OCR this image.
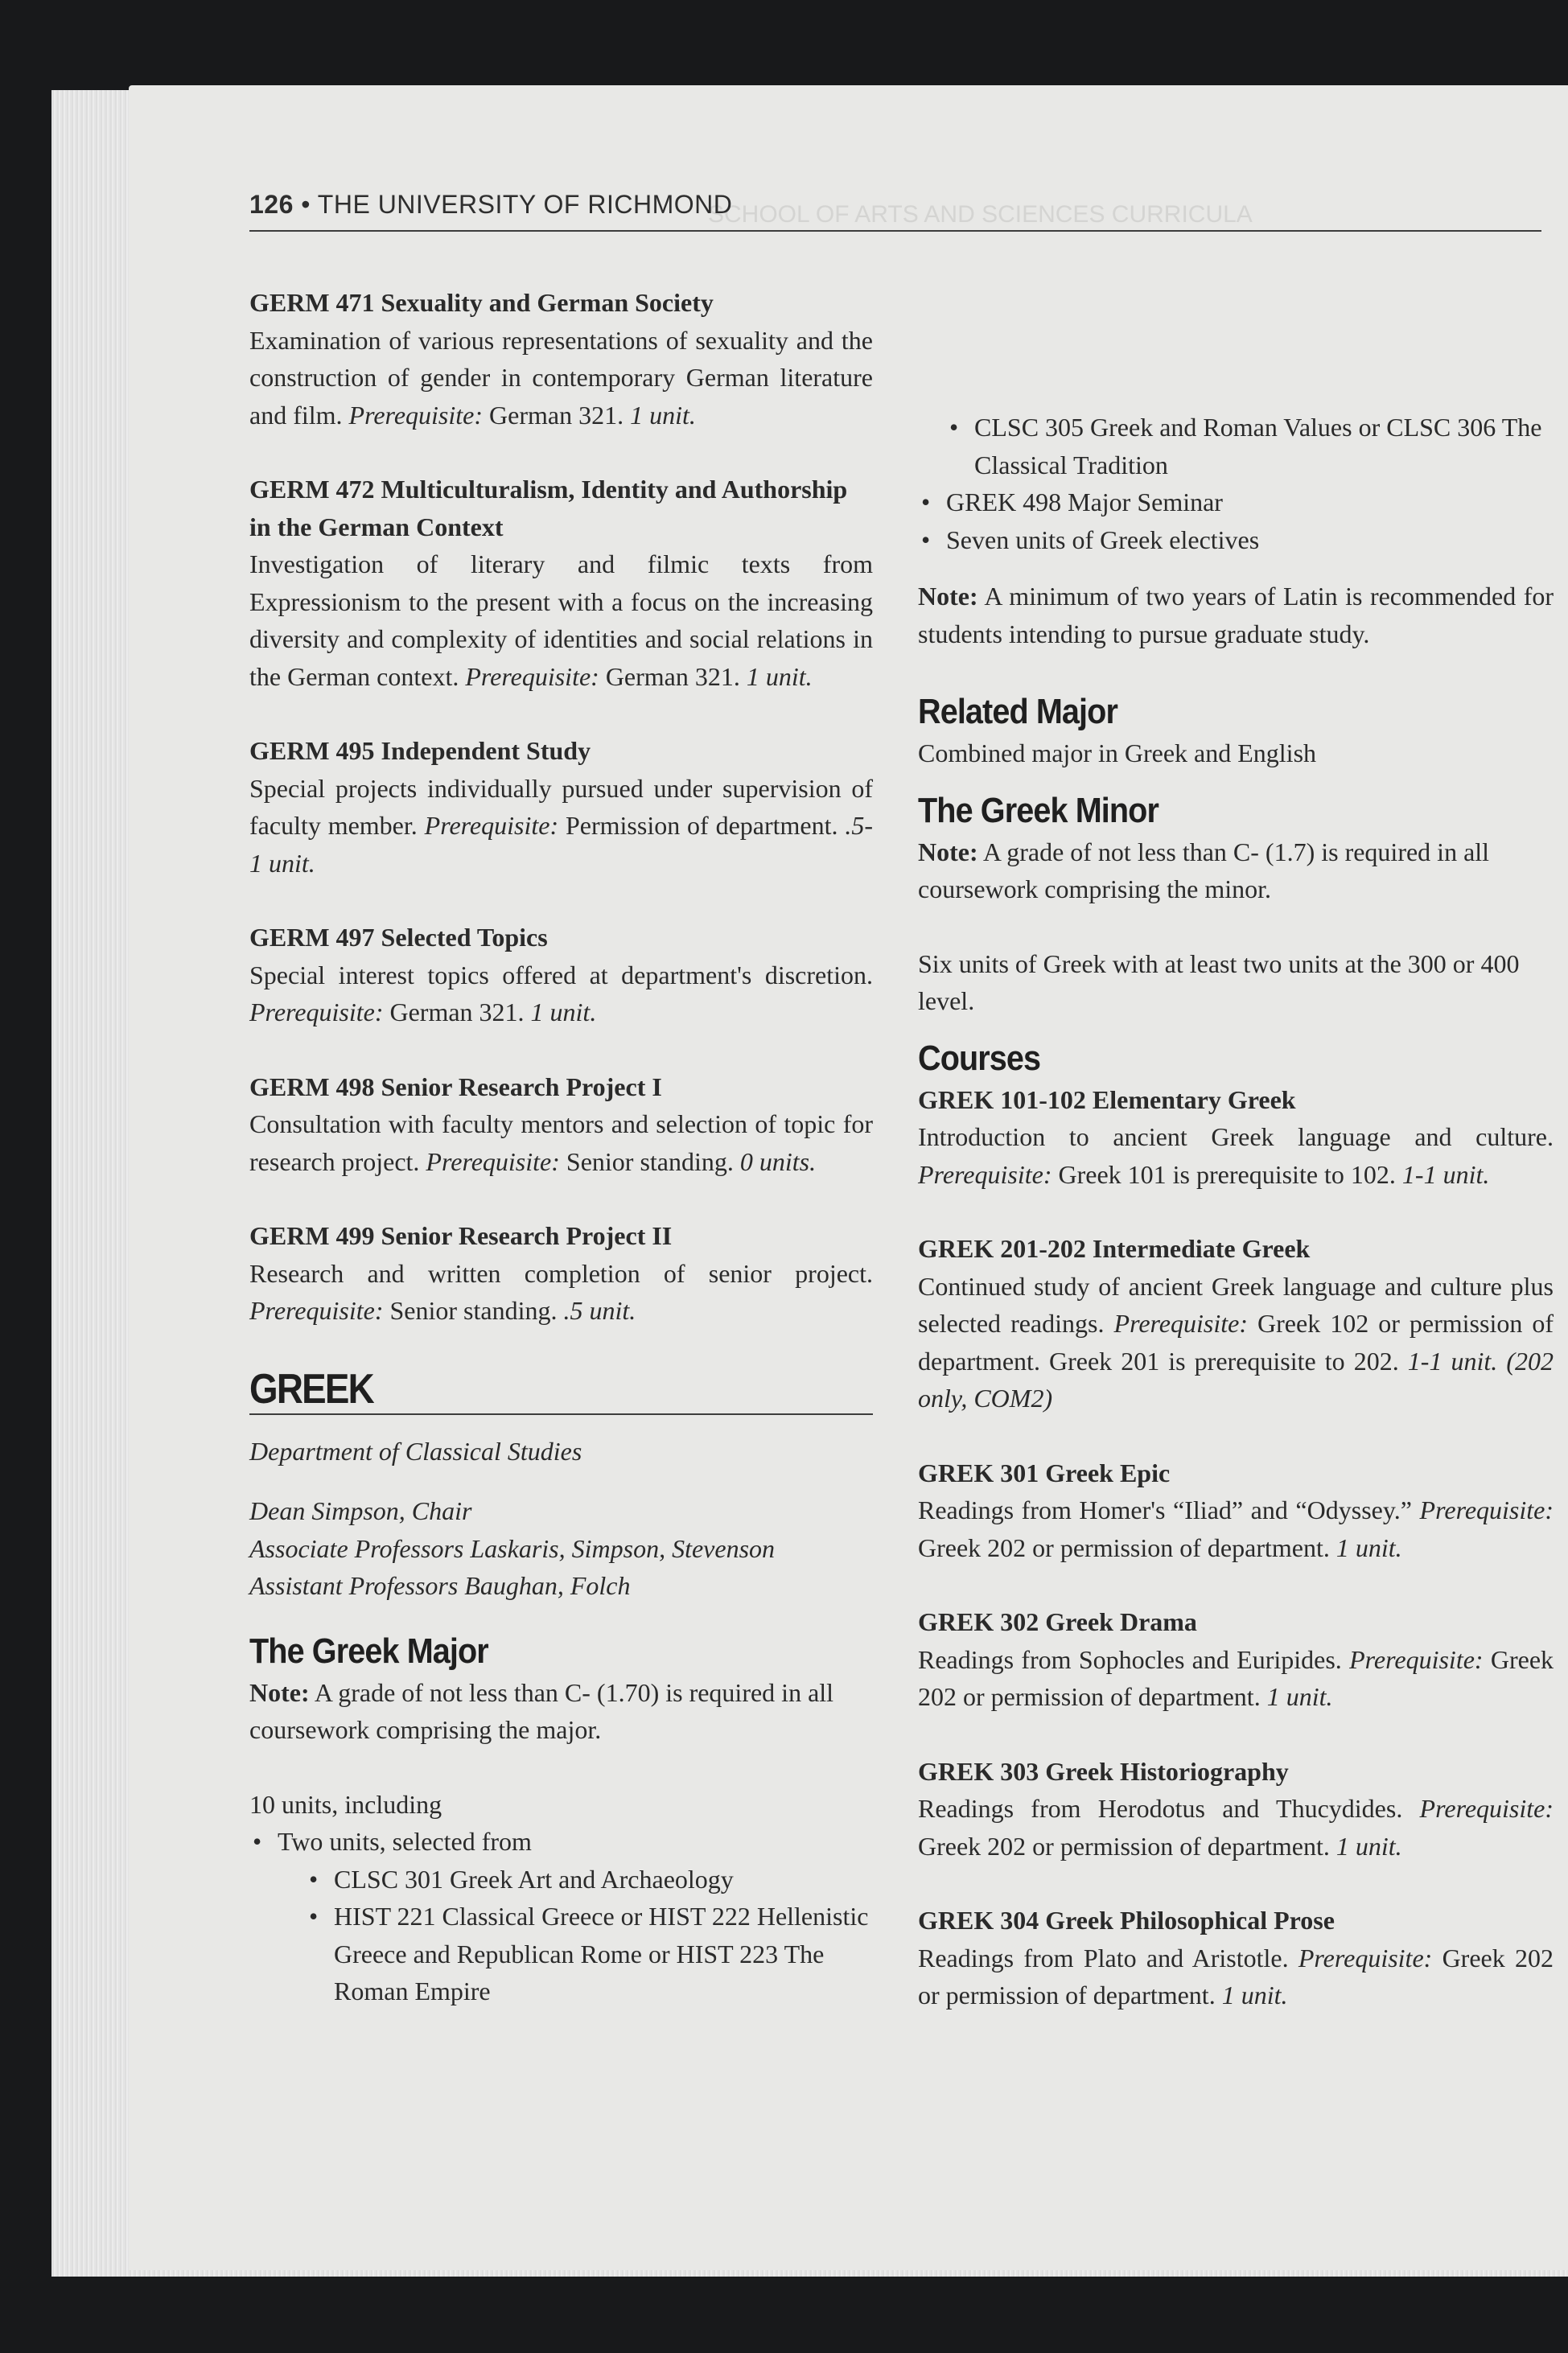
SCHOOL OF ARTS AND SCIENCES CURRICULA
126 • THE UNIVERSITY OF RICHMOND
GERM 471 Sexuality and German Society
Examination of various representations of sexuality and the construction of gender in contemporary German literature and film. Prerequisite: German 321. 1 unit.
GERM 472 Multiculturalism, Identity and Authorship in the German Context
Investigation of literary and filmic texts from Expressionism to the present with a focus on the increasing diversity and complexity of identities and social relations in the German context. Prerequisite: German 321. 1 unit.
GERM 495 Independent Study
Special projects individually pursued under supervision of faculty member. Prerequisite: Permission of department. .5-1 unit.
GERM 497 Selected Topics
Special interest topics offered at department's discretion. Prerequisite: German 321. 1 unit.
GERM 498 Senior Research Project I
Consultation with faculty mentors and selection of topic for research project. Prerequisite: Senior standing. 0 units.
GERM 499 Senior Research Project II
Research and written completion of senior project. Prerequisite: Senior standing. .5 unit.
GREEK
Department of Classical Studies
Dean Simpson, Chair
Associate Professors Laskaris, Simpson, Stevenson
Assistant Professors Baughan, Folch
The Greek Major
Note: A grade of not less than C- (1.70) is required in all coursework comprising the major.
10 units, including
• Two units, selected from
• CLSC 301 Greek Art and Archaeology
• HIST 221 Classical Greece or HIST 222 Hellenistic Greece and Republican Rome or HIST 223 The Roman Empire
• CLSC 305 Greek and Roman Values or CLSC 306 The Classical Tradition
• GREK 498 Major Seminar
• Seven units of Greek electives
Note: A minimum of two years of Latin is recommended for students intending to pursue graduate study.
Related Major
Combined major in Greek and English
The Greek Minor
Note: A grade of not less than C- (1.7) is required in all coursework comprising the minor.
Six units of Greek with at least two units at the 300 or 400 level.
Courses
GREK 101-102 Elementary Greek
Introduction to ancient Greek language and culture. Prerequisite: Greek 101 is prerequisite to 102. 1-1 unit.
GREK 201-202 Intermediate Greek
Continued study of ancient Greek language and culture plus selected readings. Prerequisite: Greek 102 or permission of department. Greek 201 is prerequisite to 202. 1-1 unit. (202 only, COM2)
GREK 301 Greek Epic
Readings from Homer's “Iliad” and “Odyssey.” Prerequisite: Greek 202 or permission of department. 1 unit.
GREK 302 Greek Drama
Readings from Sophocles and Euripides. Prerequisite: Greek 202 or permission of department. 1 unit.
GREK 303 Greek Historiography
Readings from Herodotus and Thucydides. Prerequisite: Greek 202 or permission of department. 1 unit.
GREK 304 Greek Philosophical Prose
Readings from Plato and Aristotle. Prerequisite: Greek 202 or permission of department. 1 unit.
